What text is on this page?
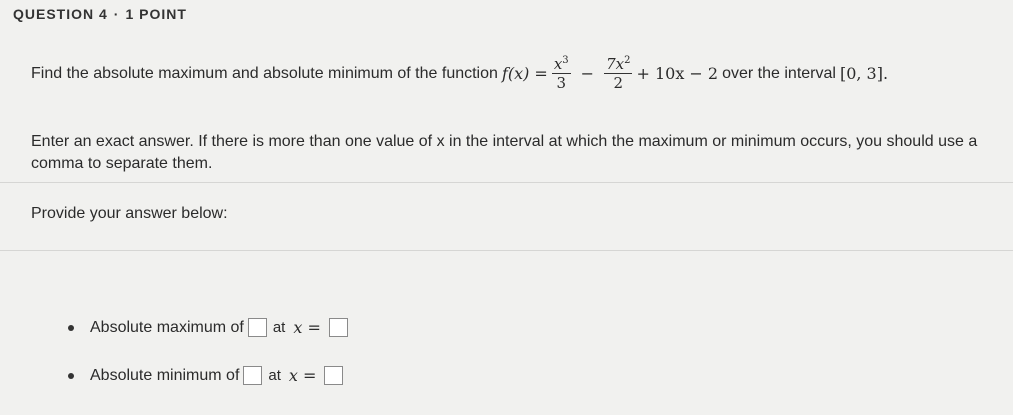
QUESTION 4 · 1 POINT
Find the absolute maximum and absolute minimum of the function $f(x) = \frac{x^3}{3} - \frac{7x^2}{2} + 10x - 2$ over the interval [0, 3].
Enter an exact answer. If there is more than one value of x in the interval at which the maximum or minimum occurs, you should use a comma to separate them.
Provide your answer below:
Absolute maximum of at x =
Absolute minimum of at x =
